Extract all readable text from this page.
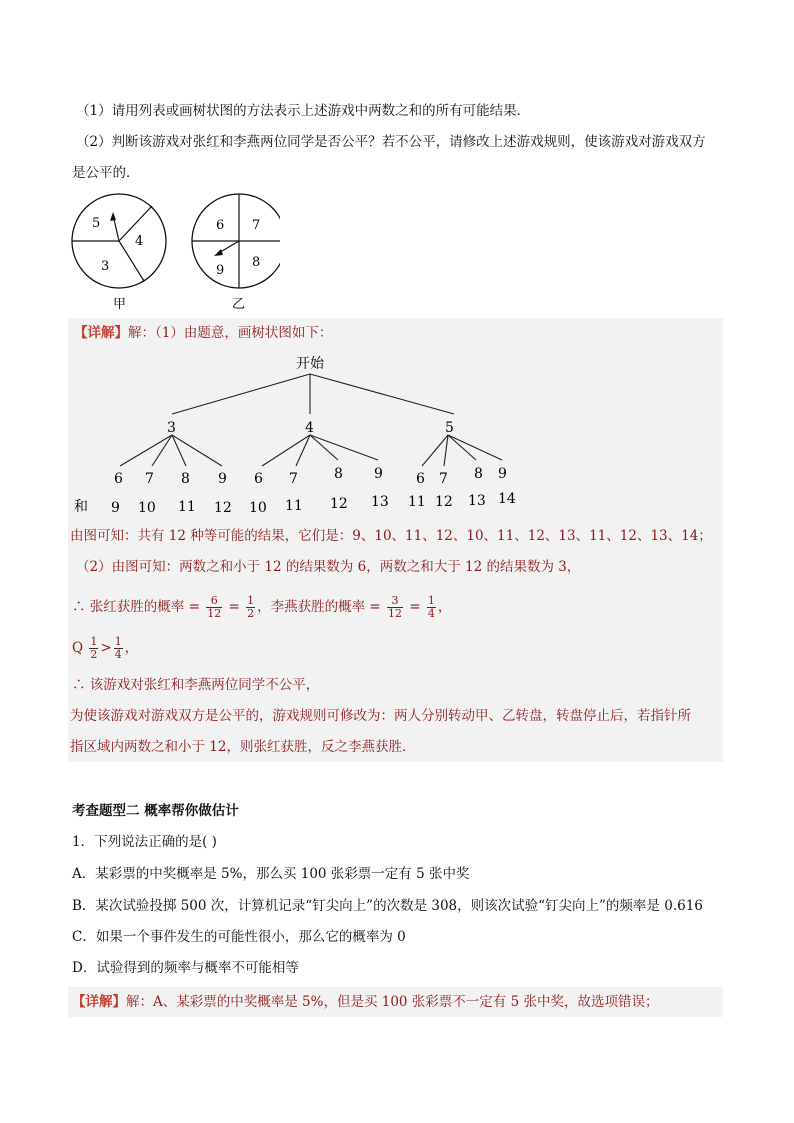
（1）请用列表或画树状图的方法表示上述游戏中两数之和的所有可能结果．
（2）判断该游戏对张红和李燕两位同学是否公平？若不公平，请修改上述游戏规则，使该游戏对游戏双方
是公平的．
5
4
3
甲
6 7
9
8
乙
【详解】解：（1）由题意，画树状图如下：
开始
3	4	5
6 7 8 9 6 7	8 9 6 7 8 9
和 9 10 11 12 10 11 12 13 11 12 13 14
由图可知：共有 12 种等可能的结果，它们是：9、10、11、12、10、11、12、13、11、12、13、14；
（2）由图可知：两数之和小于 12 的结果数为 6，两数之和大于 12 的结果数为 3，
∴ 张红获胜的概率 = $\frac{6}{12} = \frac{1}{2}$ ，李燕获胜的概率 = $\frac{3}{12} = \frac{1}{4}$ ，
Q $\frac{1}{2} > \frac{1}{4}$ ，
∴ 该游戏对张红和李燕两位同学不公平，
为使该游戏对游戏双方是公平的，游戏规则可修改为：两人分别转动甲、乙转盘，转盘停止后，若指针所
指区域内两数之和小于 12，则张红获胜，反之李燕获胜．
考查题型二 概率帮你做估计
1．下列说法正确的是( )
A．某彩票的中奖概率是 5%，那么买 100 张彩票一定有 5 张中奖
B．某次试验投掷 500 次，计算机记录“钉尖向上”的次数是 308，则该次试验“钉尖向上”的频率是 0.616
C．如果一个事件发生的可能性很小，那么它的概率为 0
D．试验得到的频率与概率不可能相等
【详解】解：A、某彩票的中奖概率是 5%，但是买 100 张彩票不一定有 5 张中奖，故选项错误；
